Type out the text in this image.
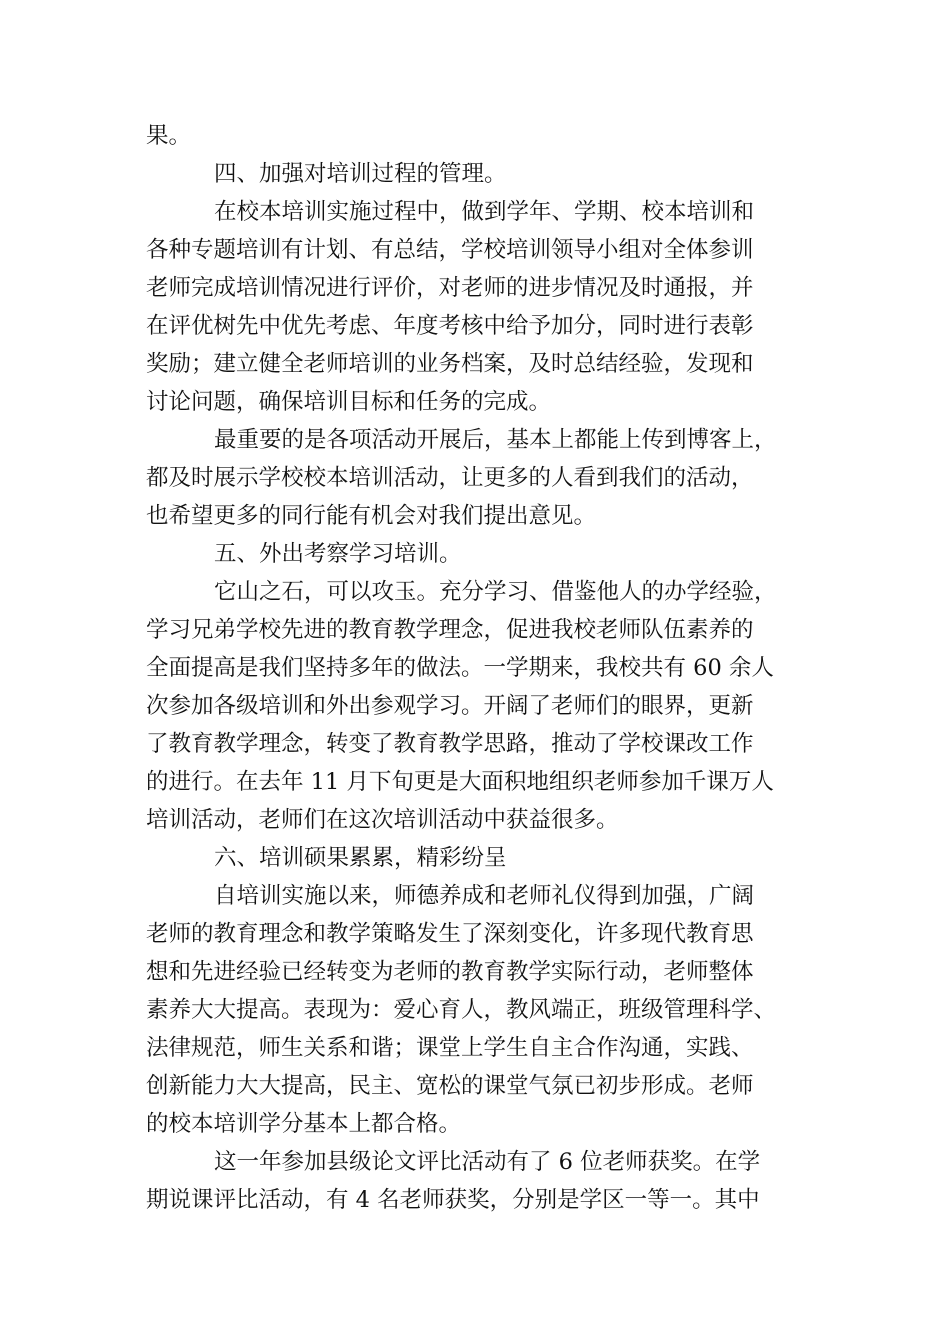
果。
四、加强对培训过程的管理。
在校本培训实施过程中，做到学年、学期、校本培训和
各种专题培训有计划、有总结，学校培训领导小组对全体参训
老师完成培训情况进行评价，对老师的进步情况及时通报，并
在评优树先中优先考虑、年度考核中给予加分，同时进行表彰
奖励；建立健全老师培训的业务档案，及时总结经验，发现和
讨论问题，确保培训目标和任务的完成。
最重要的是各项活动开展后，基本上都能上传到博客上，
都及时展示学校校本培训活动，让更多的人看到我们的活动，
也希望更多的同行能有机会对我们提出意见。
五、外出考察学习培训。
它山之石，可以攻玉。充分学习、借鉴他人的办学经验，
学习兄弟学校先进的教育教学理念，促进我校老师队伍素养的
全面提高是我们坚持多年的做法。一学期来，我校共有 60 余人
次参加各级培训和外出参观学习。开阔了老师们的眼界，更新
了教育教学理念，转变了教育教学思路，推动了学校课改工作
的进行。在去年 11 月下旬更是大面积地组织老师参加千课万人
培训活动，老师们在这次培训活动中获益很多。
六、培训硕果累累，精彩纷呈
自培训实施以来，师德养成和老师礼仪得到加强，广阔
老师的教育理念和教学策略发生了深刻变化，许多现代教育思
想和先进经验已经转变为老师的教育教学实际行动，老师整体
素养大大提高。表现为：爱心育人，教风端正，班级管理科学、
法律规范，师生关系和谐；课堂上学生自主合作沟通，实践、
创新能力大大提高，民主、宽松的课堂气氛已初步形成。老师
的校本培训学分基本上都合格。
这一年参加县级论文评比活动有了 6 位老师获奖。在学
期说课评比活动，有 4 名老师获奖，分别是学区一等一。其中
